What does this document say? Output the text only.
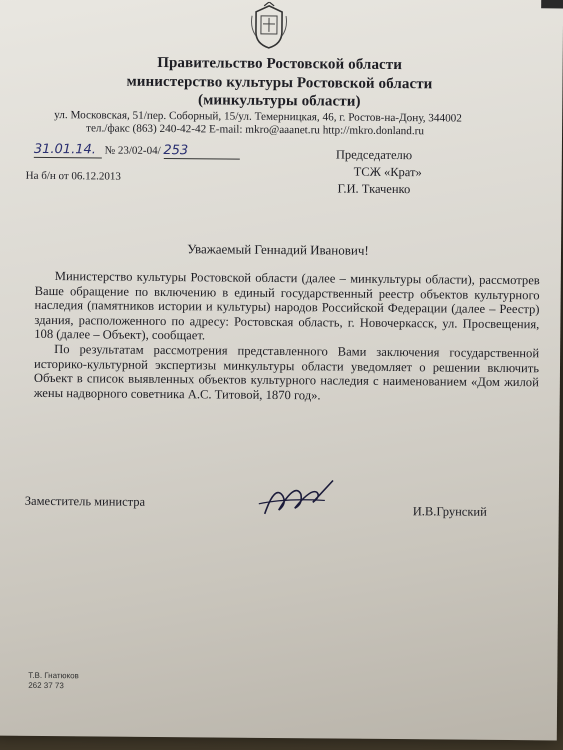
Правительство Ростовской области
министерство культуры Ростовской области
(минкультуры области)
ул. Московская, 51/пер. Соборный, 15/ул. Темерницкая, 46, г. Ростов-на-Дону, 344002
тел./факс (863) 240-42-42 E-mail: mkro@aaanet.ru http://mkro.donland.ru
31.01.14. № 23/02-04/ 253
На б/н от 06.12.2013
Председателю
ТСЖ «Крат»
Г.И. Ткаченко
Уважаемый Геннадий Иванович!

Министерство культуры Ростовской области (далее – минкультуры области), рассмотрев Ваше обращение по включению в единый государственный реестр объектов культурного наследия (памятников истории и культуры) народов Российской Федерации (далее – Реестр) здания, расположенного по адресу: Ростовская область, г. Новочеркасск, ул. Просвещения, 108 (далее – Объект), сообщает.

По результатам рассмотрения представленного Вами заключения государственной историко-культурной экспертизы минкультуры области уведомляет о решении включить Объект в список выявленных объектов культурного наследия с наименованием «Дом жилой жены надворного советника А.С. Титовой, 1870 год».

Заместитель министра
И.В.Грунский
Т.В. Гнатюков
262 37 73
